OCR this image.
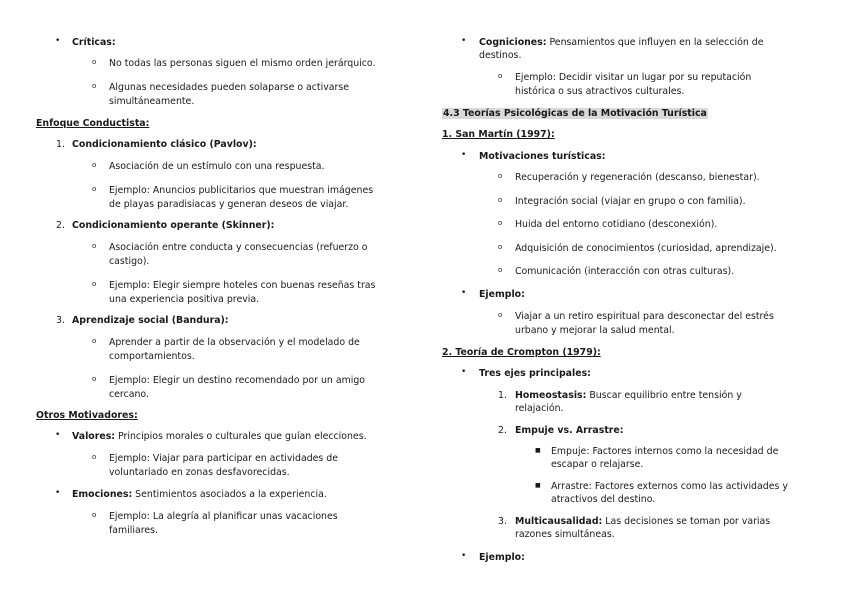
• Críticas:
o No todas las personas siguen el mismo orden jerárquico.
o Algunas necesidades pueden solaparse o activarse
simultáneamente.
Enfoque Conductista:
1. Condicionamiento clásico (Pavlov):
o Asociación de un estímulo con una respuesta.
o Ejemplo: Anuncios publicitarios que muestran imágenes
de playas paradisiacas y generan deseos de viajar.
2. Condicionamiento operante (Skinner):
o Asociación entre conducta y consecuencias (refuerzo o
castigo).
o Ejemplo: Elegir siempre hoteles con buenas reseñas tras
una experiencia positiva previa.
3. Aprendizaje social (Bandura):
o Aprender a partir de la observación y el modelado de
comportamientos.
o Ejemplo: Elegir un destino recomendado por un amigo
cercano.
Otros Motivadores:
• Valores: Principios morales o culturales que guían elecciones.
o Ejemplo: Viajar para participar en actividades de
voluntariado en zonas desfavorecidas.
• Emociones: Sentimientos asociados a la experiencia.
o Ejemplo: La alegría al planificar unas vacaciones
familiares.
• Cogniciones: Pensamientos que influyen en la selección de
destinos.
o Ejemplo: Decidir visitar un lugar por su reputación
histórica o sus atractivos culturales.
4.3 Teorías Psicológicas de la Motivación Turística
1. San Martín (1997):
• Motivaciones turísticas:
o Recuperación y regeneración (descanso, bienestar).
o Integración social (viajar en grupo o con familia).
o Huida del entorno cotidiano (desconexión).
o Adquisición de conocimientos (curiosidad, aprendizaje).
o Comunicación (interacción con otras culturas).
• Ejemplo:
o Viajar a un retiro espiritual para desconectar del estrés
urbano y mejorar la salud mental.
2. Teoría de Crompton (1979):
• Tres ejes principales:
1. Homeostasis: Buscar equilibrio entre tensión y
relajación.
2. Empuje vs. Arrastre:
■ Empuje: Factores internos como la necesidad de
escapar o relajarse.
■ Arrastre: Factores externos como las actividades y
atractivos del destino.
3. Multicausalidad: Las decisiones se toman por varias
razones simultáneas.
• Ejemplo:
